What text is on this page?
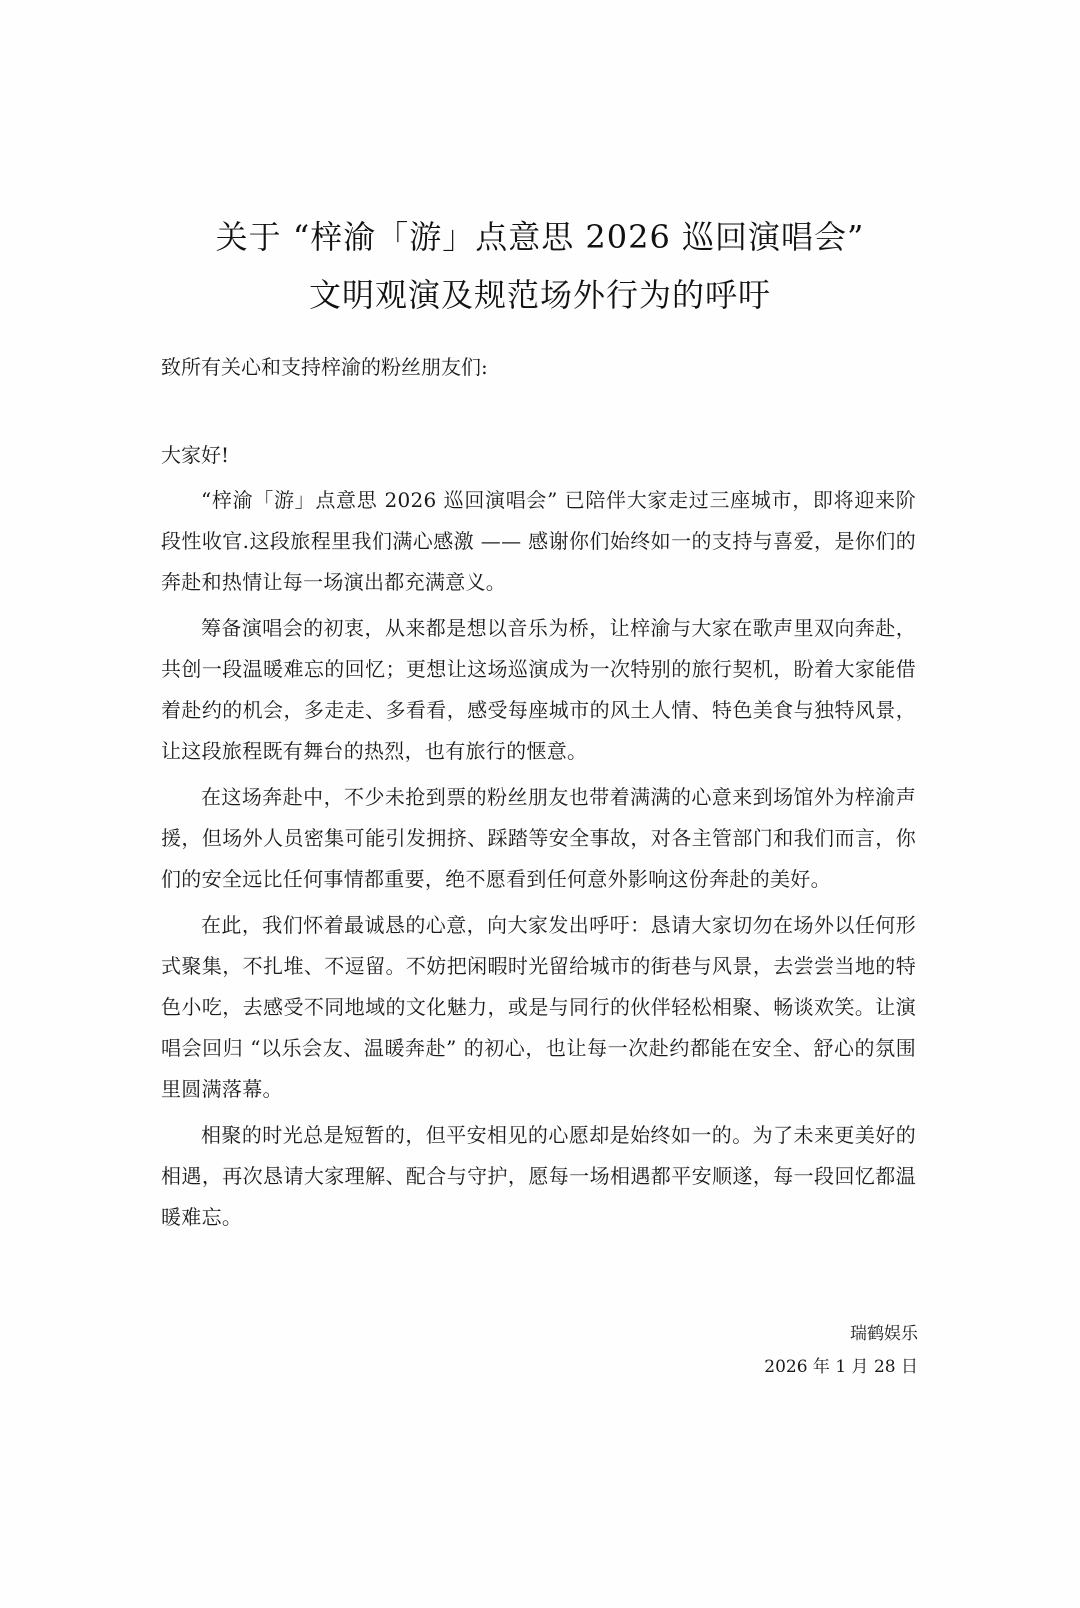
关于 “梓渝「游」点意思 2026 巡回演唱会”
文明观演及规范场外行为的呼吁
致所有关心和支持梓渝的粉丝朋友们:
大家好!

“梓渝「游」点意思 2026 巡回演唱会” 已陪伴大家走过三座城市，即将迎来阶段性收官.这段旅程里我们满心感激 —— 感谢你们始终如一的支持与喜爱，是你们的奔赴和热情让每一场演出都充满意义。

筹备演唱会的初衷，从来都是想以音乐为桥，让梓渝与大家在歌声里双向奔赴，共创一段温暖难忘的回忆；更想让这场巡演成为一次特别的旅行契机，盼着大家能借着赴约的机会，多走走、多看看，感受每座城市的风土人情、特色美食与独特风景，让这段旅程既有舞台的热烈，也有旅行的惬意。

在这场奔赴中，不少未抢到票的粉丝朋友也带着满满的心意来到场馆外为梓渝声援，但场外人员密集可能引发拥挤、踩踏等安全事故，对各主管部门和我们而言，你们的安全远比任何事情都重要，绝不愿看到任何意外影响这份奔赴的美好。

在此，我们怀着最诚恳的心意，向大家发出呼吁：恳请大家切勿在场外以任何形式聚集，不扎堆、不逗留。不妨把闲暇时光留给城市的街巷与风景，去尝尝当地的特色小吃，去感受不同地域的文化魅力，或是与同行的伙伴轻松相聚、畅谈欢笑。让演唱会回归 “以乐会友、温暖奔赴” 的初心，也让每一次赴约都能在安全、舒心的氛围里圆满落幕。

相聚的时光总是短暂的，但平安相见的心愿却是始终如一的。为了未来更美好的相遇，再次恳请大家理解、配合与守护，愿每一场相遇都平安顺遂，每一段回忆都温暖难忘。

瑞鹤娱乐
2026 年 1 月 28 日
